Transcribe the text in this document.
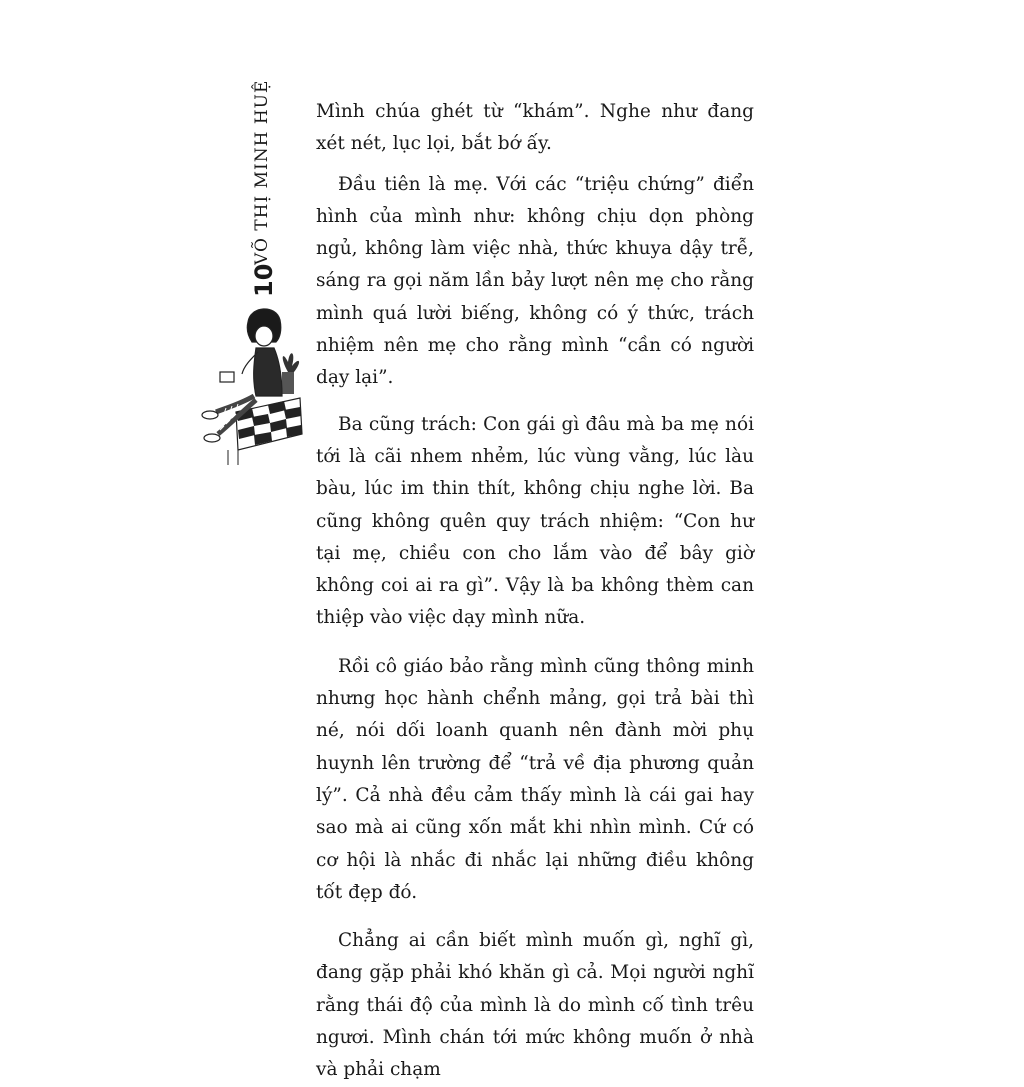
VÕ THỊ MINH HUỆ
10

Mình chúa ghét từ “khám”. Nghe như đang xét nét, lục lọi, bắt bớ ấy.

Đầu tiên là mẹ. Với các “triệu chứng” điển hình của mình như: không chịu dọn phòng ngủ, không làm việc nhà, thức khuya dậy trễ, sáng ra gọi năm lần bảy lượt nên mẹ cho rằng mình quá lười biếng, không có ý thức, trách nhiệm nên mẹ cho rằng mình “cần có người dạy lại”.

Ba cũng trách: Con gái gì đâu mà ba mẹ nói tới là cãi nhem nhẻm, lúc vùng vằng, lúc làu bàu, lúc im thin thít, không chịu nghe lời. Ba cũng không quên quy trách nhiệm: “Con hư tại mẹ, chiều con cho lắm vào để bây giờ không coi ai ra gì”. Vậy là ba không thèm can thiệp vào việc dạy mình nữa.

Rồi cô giáo bảo rằng mình cũng thông minh nhưng học hành chểnh mảng, gọi trả bài thì né, nói dối loanh quanh nên đành mời phụ huynh lên trường để “trả về địa phương quản lý”. Cả nhà đều cảm thấy mình là cái gai hay sao mà ai cũng xốn mắt khi nhìn mình. Cứ có cơ hội là nhắc đi nhắc lại những điều không tốt đẹp đó.

Chẳng ai cần biết mình muốn gì, nghĩ gì, đang gặp phải khó khăn gì cả. Mọi người nghĩ rằng thái độ của mình là do mình cố tình trêu ngươi. Mình chán tới mức không muốn ở nhà và phải chạm
